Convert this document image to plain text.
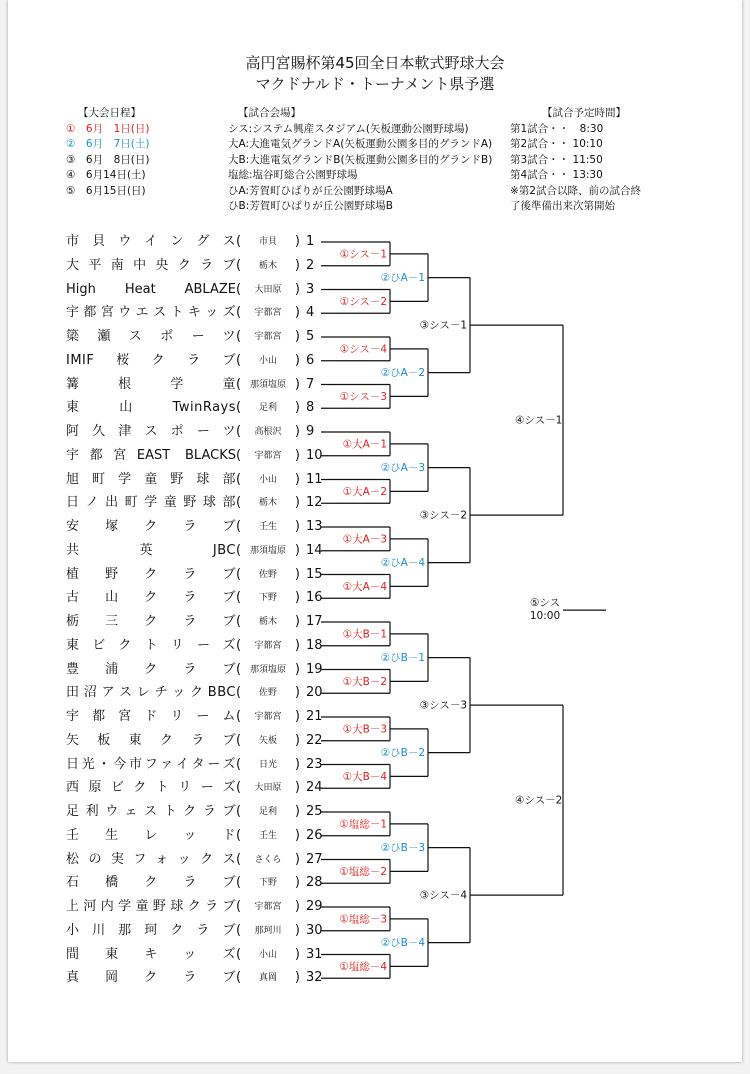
高円宮賜杯第45回全日本軟式野球大会
マクドナルド・トーナメント県予選
【大会日程】
①　6月　1日(日)
②　6月　7日(土)
③　6月　8日(日)
④　6月14日(土)
⑤　6月15日(日)
【試合会場】
シス:システム興産スタジアム(矢板運動公園野球場)
大A:大進電気グランドA(矢板運動公園多目的グランドA)
大B:大進電気グランドB(矢板運動公園多目的グランドB)
塩総:塩谷町総合公園野球場
ひA:芳賀町ひばりが丘公園野球場A
ひB:芳賀町ひばりが丘公園野球場B
【試合予定時間】
第1試合・・　8:30
第2試合・・ 10:10
第3試合・・ 11:50
第4試合・・ 13:30
※第2試合以降、前の試合終
了後準備出来次第開始
市貝ウイングス (	市貝	) 1
大平南中央クラブ (	栃木	) 2
High Heat ABLAZE (	大田原	) 3
宇都宮ウエストキッズ (	宇都宮	) 4
簗瀬スポーツ (	宇都宮	) 5
IMIF桜クラブ (	小山	) 6
篝根学童 ( 那須塩原 ) 7
東山TwinRays (	足利	) 8
阿久津スポーツ (	高根沢	) 9
宇都宮EAST BLACKS (	宇都宮	) 10
旭町学童野球部 (	小山	) 11
日ノ出町学童野球部 (	栃木	) 12
安塚クラブ (	壬生	) 13
共英JBC ( 那須塩原 ) 14
植野クラブ (	佐野	) 15
古山クラブ (	下野	) 16
栃三クラブ (	栃木	) 17
東ビクトリーズ (	宇都宮	) 18
豊浦クラブ ( 那須塩原 ) 19
田沼アスレチックBBC (	佐野	) 20
宇都宮ドリーム (	宇都宮	) 21
矢板東クラブ (	矢板	) 22
日光・今市ファイターズ (	日光	) 23
西原ビクトリーズ (	大田原	) 24
足利ウェストクラブ (	足利	) 25
壬生レッド (	壬生	) 26
松の実フォックス (	さくら	) 27
石橋クラブ (	下野	) 28
上河内学童野球クラブ (	宇都宮	) 29
小川那珂クラブ (	那珂川	) 30
間東キッズ (	小山	) 31
真岡クラブ (	真岡	) 32
①シス－1
①シス－2
①シス－4
①シス－3
①大A－1
①大A－2
①大A－3
①大A－4
①大B－1
①大B－2
①大B－3
①大B－4
①塩総－1
①塩総－2
①塩総－3
①塩総－4
②ひA－1
②ひA－2
②ひA－3
②ひA－4
②ひB－1
②ひB－2
②ひB－3
②ひB－4
③シス－1
③シス－2
③シス－3
③シス－4
④シス－1
④シス－2
⑤シス
10:00
